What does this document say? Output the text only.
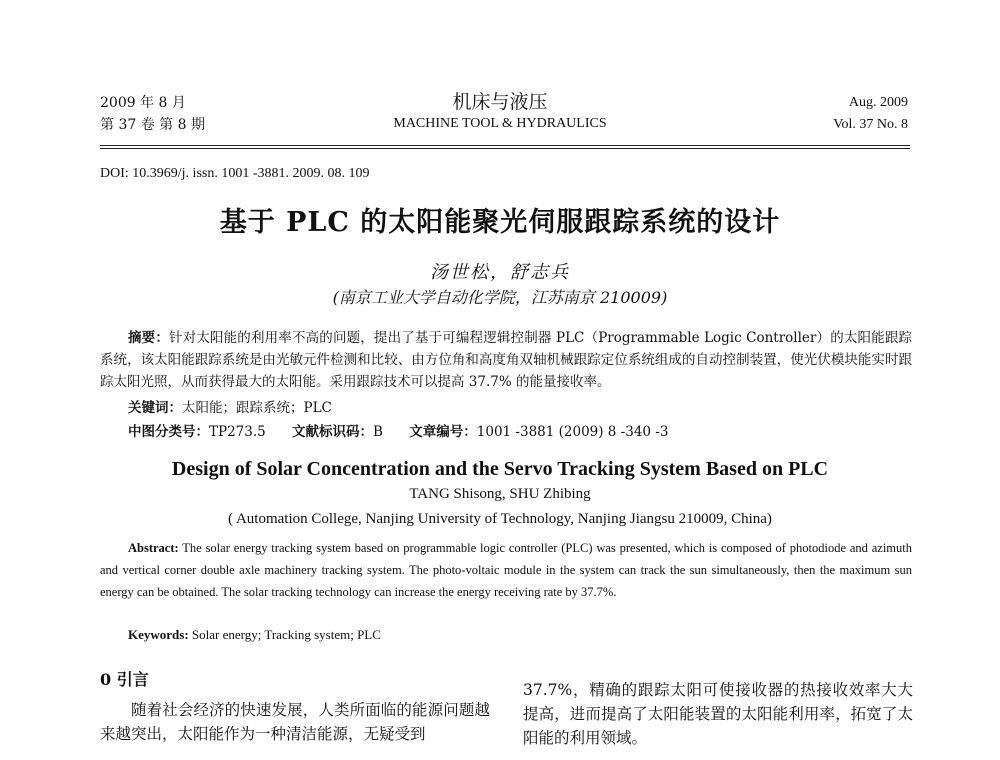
2009 年 8 月
第 37 卷 第 8 期
机床与液压
MACHINE TOOL & HYDRAULICS
Aug. 2009
Vol. 37 No. 8
DOI: 10.3969/j. issn. 1001 -3881. 2009. 08. 109
基于 PLC 的太阳能聚光伺服跟踪系统的设计
汤世松，舒志兵
(南京工业大学自动化学院，江苏南京 210009)
摘要：针对太阳能的利用率不高的问题，提出了基于可编程逻辑控制器 PLC（Programmable Logic Controller）的太阳能跟踪系统，该太阳能跟踪系统是由光敏元件检测和比较、由方位角和高度角双轴机械跟踪定位系统组成的自动控制装置，使光伏模块能实时跟踪太阳光照，从而获得最大的太阳能。采用跟踪技术可以提高 37.7% 的能量接收率。
关键词：太阳能；跟踪系统；PLC
中图分类号：TP273.5 文献标识码：B 文章编号：1001 -3881 (2009) 8 -340 -3
Design of Solar Concentration and the Servo Tracking System Based on PLC
TANG Shisong, SHU Zhibing
( Automation College, Nanjing University of Technology, Nanjing Jiangsu 210009, China)
Abstract: The solar energy tracking system based on programmable logic controller (PLC) was presented, which is composed of photodiode and azimuth and vertical corner double axle machinery tracking system. The photo-voltaic module in the system can track the sun simultaneously, then the maximum sun energy can be obtained. The solar tracking technology can increase the energy receiving rate by 37.7%.
Keywords: Solar energy; Tracking system; PLC
0 引言
随着社会经济的快速发展，人类所面临的能源问题越来越突出，太阳能作为一种清洁能源，无疑受到
37.7%，精确的跟踪太阳可使接收器的热接收效率大大提高，进而提高了太阳能装置的太阳能利用率，拓宽了太阳能的利用领域。
